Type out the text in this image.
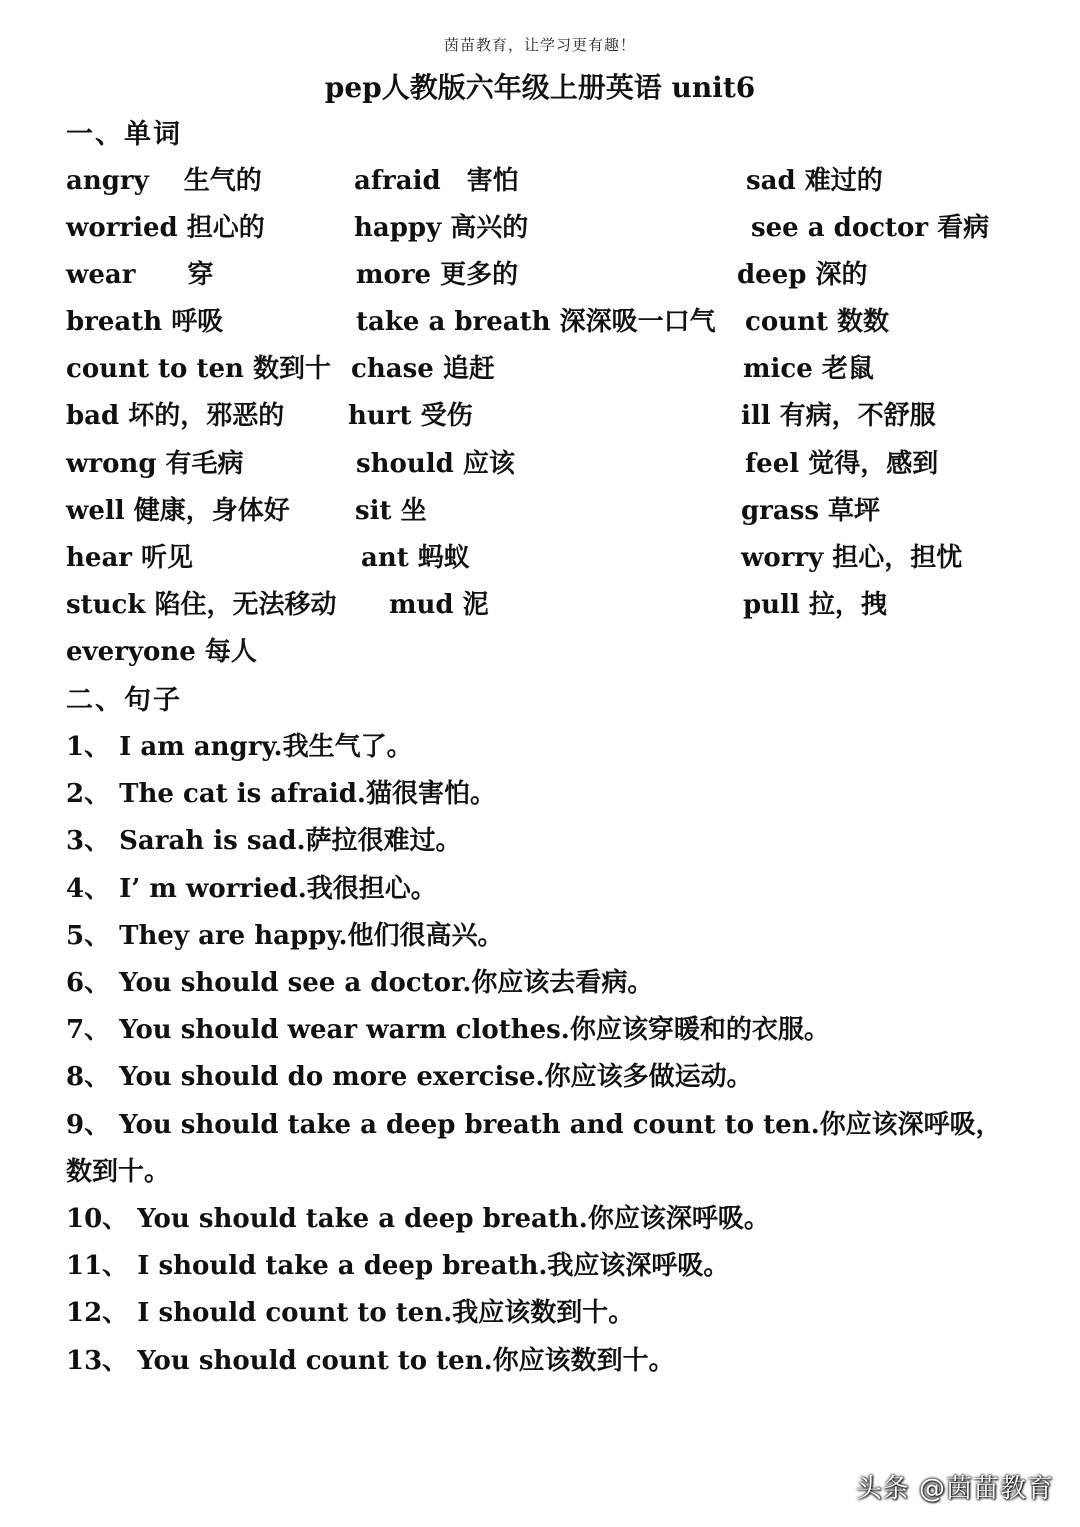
茵苗教育，让学习更有趣！
pep人教版六年级上册英语 unit6
一、单词
angry　 生气的	afraid　害怕	sad 难过的
worried 担心的	happy 高兴的	see a doctor 看病
wear　　穿	more 更多的	deep 深的
breath 呼吸	take a breath 深深吸一口气 count 数数
count to ten 数到十 chase 追赶	mice 老鼠
bad 坏的，邪恶的 hurt 受伤	ill 有病，不舒服
wrong 有毛病	should 应该	feel 觉得，感到
well 健康，身体好	sit 坐	grass 草坪
hear 听见	ant 蚂蚁	worry 担心，担忧
stuck 陷住，无法移动 mud 泥	pull 拉，拽
everyone 每人
二、句子
1、 I am angry.我生气了。
2、 The cat is afraid.猫很害怕。
3、 Sarah is sad.萨拉很难过。
4、 I’ m worried.我很担心。
5、 They are happy.他们很高兴。
6、 You should see a doctor.你应该去看病。
7、 You should wear warm clothes.你应该穿暖和的衣服。
8、 You should do more exercise.你应该多做运动。
9、 You should take a deep breath and count to ten.你应该深呼吸，数到十。
10、 You should take a deep breath.你应该深呼吸。
11、 I should take a deep breath.我应该深呼吸。
12、 I should count to ten.我应该数到十。
13、 You should count to ten.你应该数到十。
头条 @茵苗教育
